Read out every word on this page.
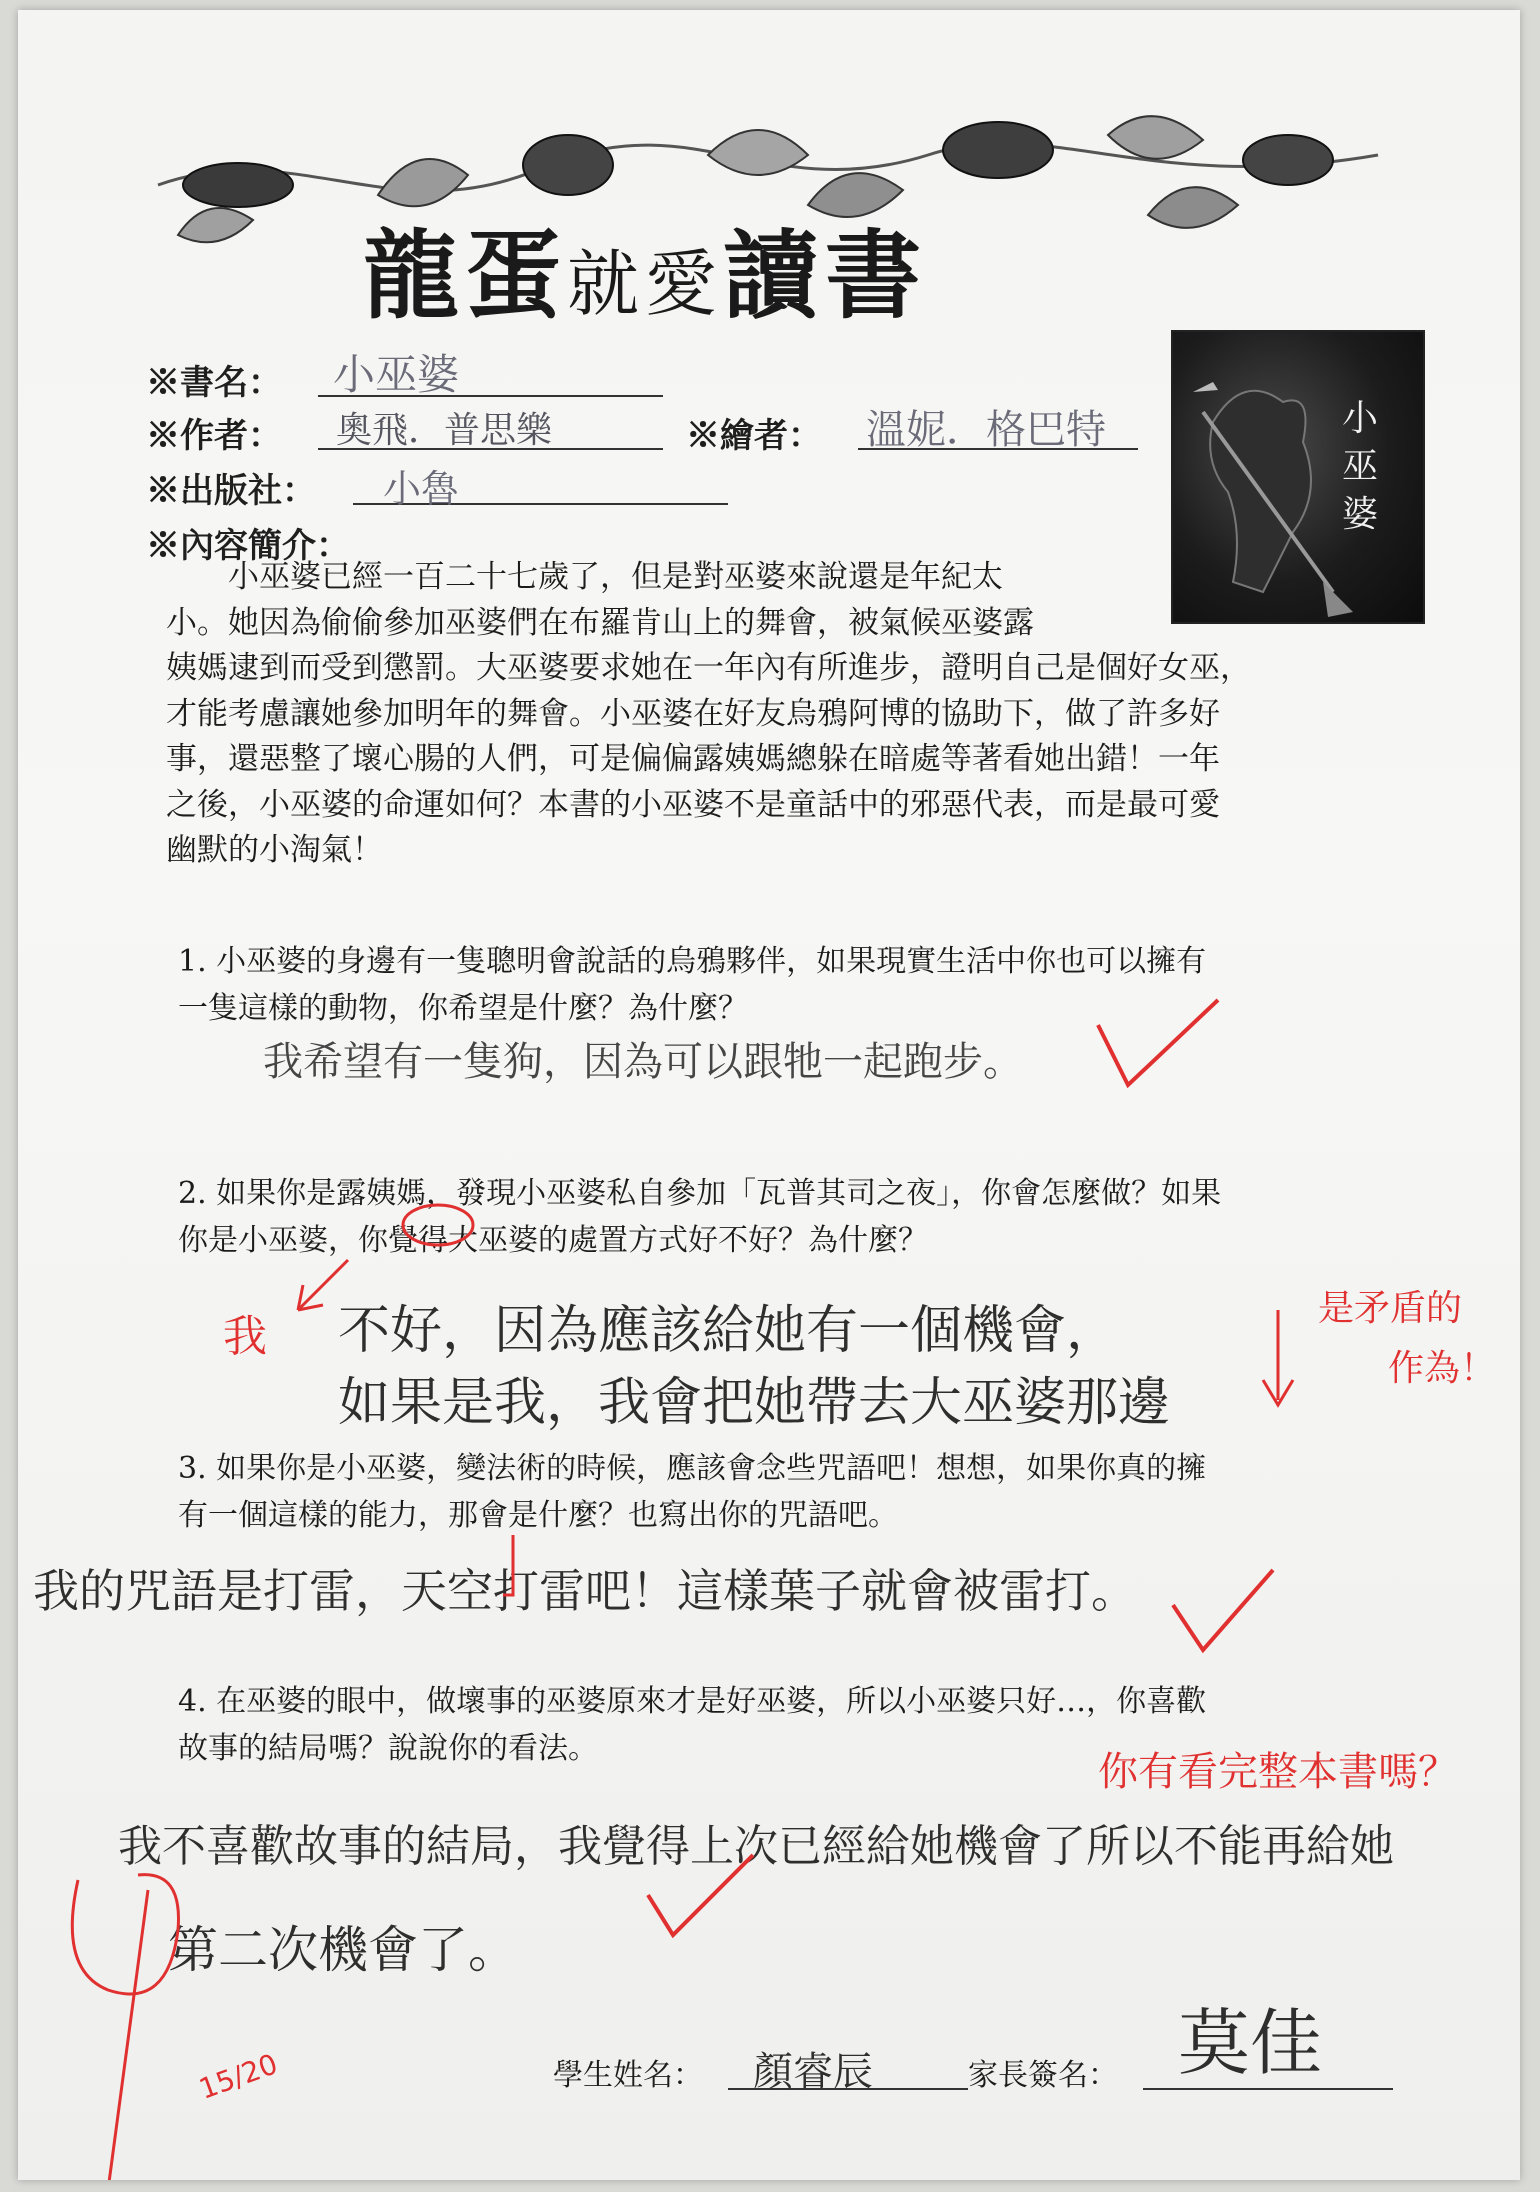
龍蛋就愛讀書
※書名： 小巫婆
※作者： 奧飛．普思樂	※繪者： 溫妮．格巴特
※出版社： 小魯
※內容簡介：
小巫婆
　　小巫婆已經一百二十七歲了，但是對巫婆來說還是年紀太
小。她因為偷偷參加巫婆們在布羅肯山上的舞會，被氣候巫婆露
姨媽逮到而受到懲罰。大巫婆要求她在一年內有所進步，證明自己是個好女巫，
才能考慮讓她參加明年的舞會。小巫婆在好友烏鴉阿博的協助下，做了許多好
事，還惡整了壞心腸的人們，可是偏偏露姨媽總躲在暗處等著看她出錯！一年
之後，小巫婆的命運如何？本書的小巫婆不是童話中的邪惡代表，而是最可愛
幽默的小淘氣！
1. 小巫婆的身邊有一隻聰明會說話的烏鴉夥伴，如果現實生活中你也可以擁有
一隻這樣的動物，你希望是什麼？為什麼？
我希望有一隻狗，因為可以跟牠一起跑步。
2. 如果你是露姨媽，發現小巫婆私自參加「瓦普其司之夜」，你會怎麼做？如果
你是小巫婆，你覺得大巫婆的處置方式好不好？為什麼？
我 不好，因為應該給她有一個機會，
如果是我，我會把她帶去大巫婆那邊
是矛盾的
作為！
3. 如果你是小巫婆，變法術的時候，應該會念些咒語吧！想想，如果你真的擁
有一個這樣的能力，那會是什麼？也寫出你的咒語吧。
我的咒語是打雷，天空打雷吧！這樣葉子就會被雷打。
4. 在巫婆的眼中，做壞事的巫婆原來才是好巫婆，所以小巫婆只好…，你喜歡
故事的結局嗎？說說你的看法。
你有看完整本書嗎？
我不喜歡故事的結局，我覺得上次已經給她機會了所以不能再給她
第二次機會了。
15/20	學生姓名： 顏睿辰	家長簽名： 莫佳
